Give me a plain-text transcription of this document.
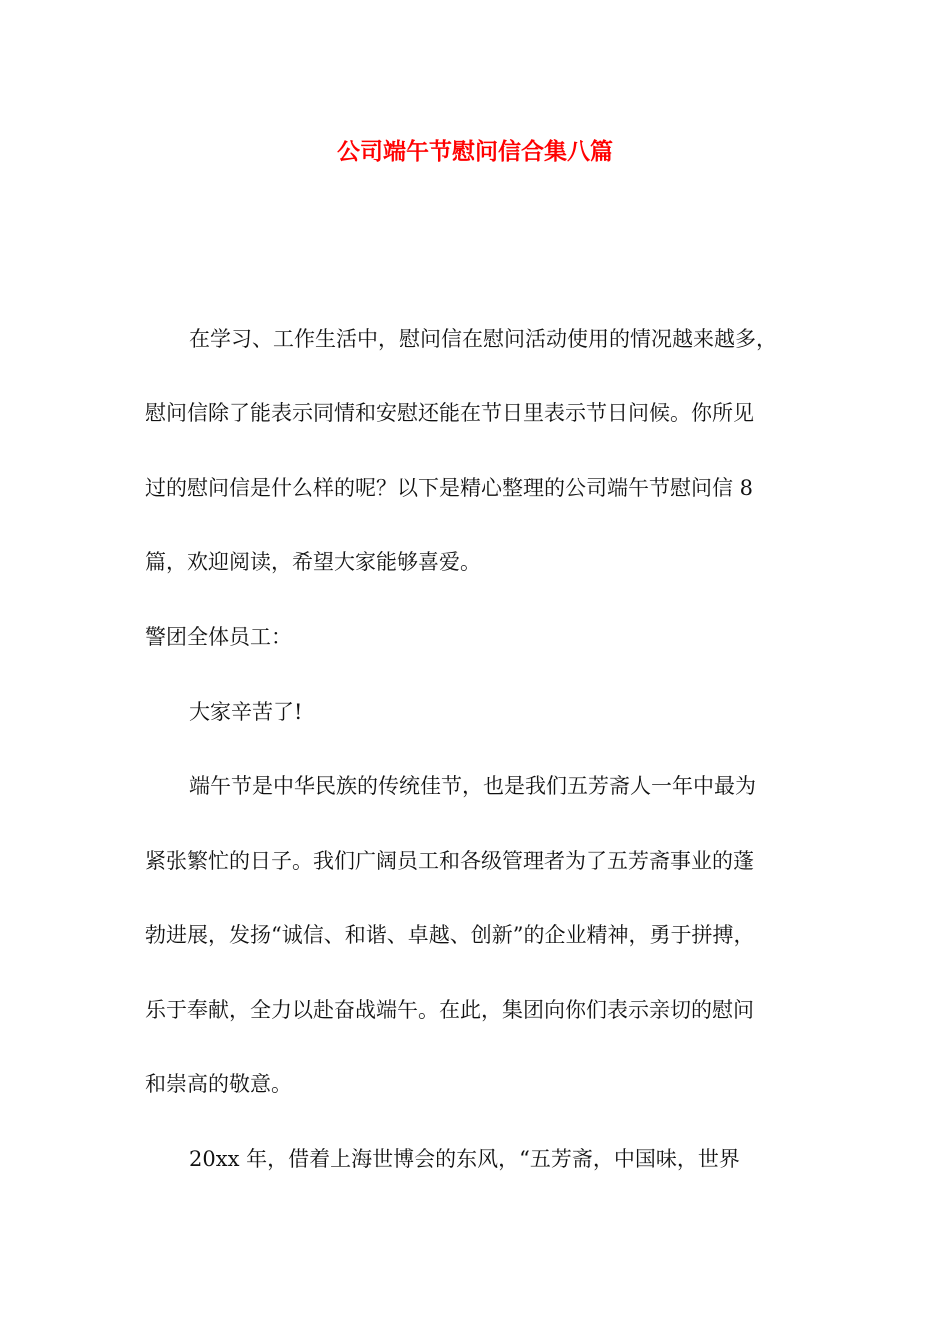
公司端午节慰问信合集八篇

在学习、工作生活中，慰问信在慰问活动使用的情况越来越多，

慰问信除了能表示同情和安慰还能在节日里表示节日问候。你所见

过的慰问信是什么样的呢？以下是精心整理的公司端午节慰问信 8

篇，欢迎阅读，希望大家能够喜爱。

警团全体员工：

大家辛苦了!

端午节是中华民族的传统佳节，也是我们五芳斋人一年中最为

紧张繁忙的日子。我们广阔员工和各级管理者为了五芳斋事业的蓬

勃进展，发扬“诚信、和谐、卓越、创新”的企业精神，勇于拼搏，

乐于奉献，全力以赴奋战端午。在此，集团向你们表示亲切的慰问

和崇高的敬意。

20xx 年，借着上海世博会的东风，“五芳斋，中国味，世界
